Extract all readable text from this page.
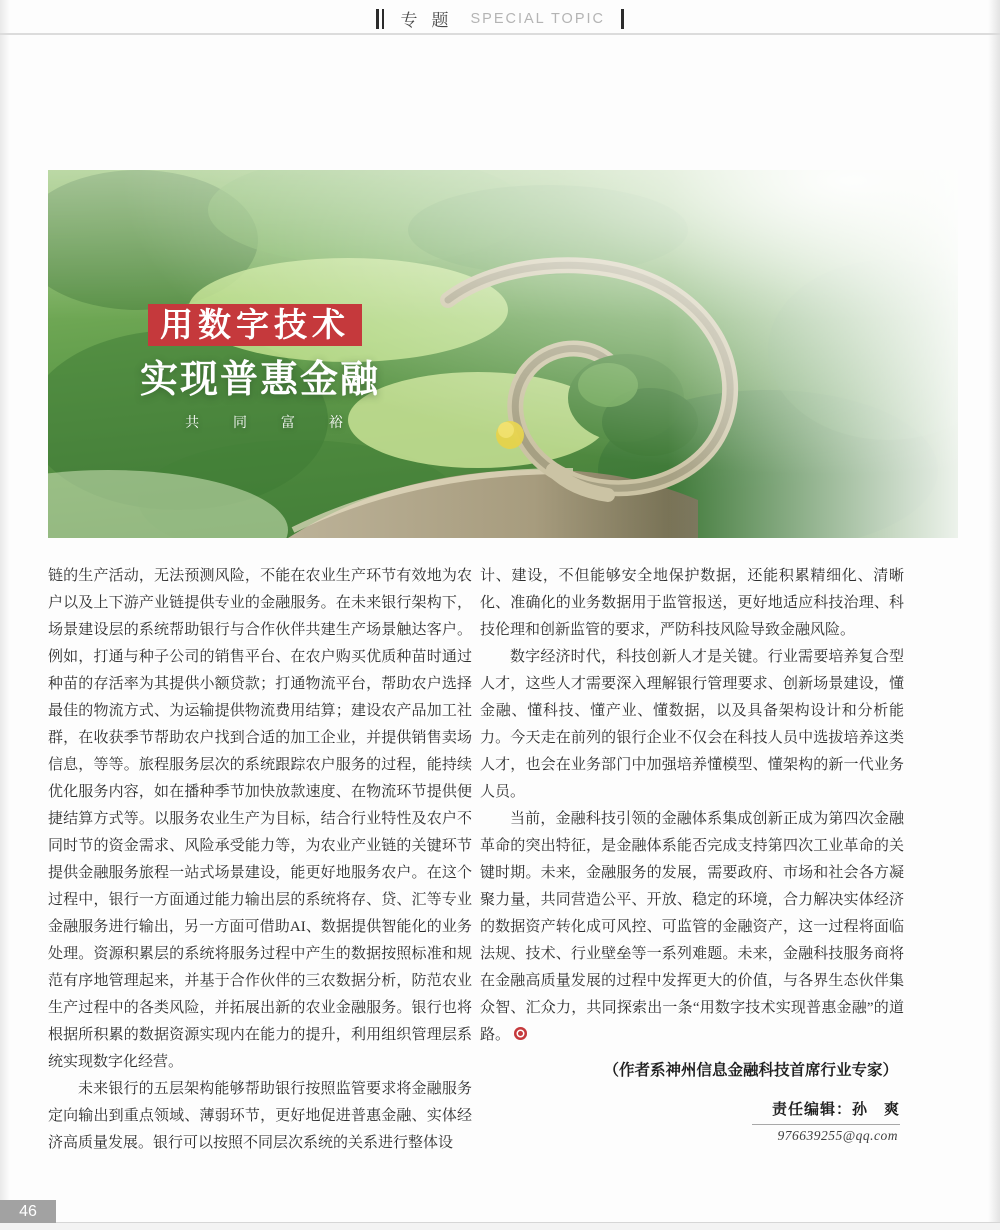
专题 SPECIAL TOPIC
用数字技术
实现普惠金融
共 同 富 裕

链的生产活动，无法预测风险，不能在农业生产环节有效地为农户以及上下游产业链提供专业的金融服务。在未来银行架构下，场景建设层的系统帮助银行与合作伙伴共建生产场景触达客户。例如，打通与种子公司的销售平台、在农户购买优质种苗时通过种苗的存活率为其提供小额贷款；打通物流平台，帮助农户选择最佳的物流方式、为运输提供物流费用结算；建设农产品加工社群，在收获季节帮助农户找到合适的加工企业，并提供销售卖场信息，等等。旅程服务层次的系统跟踪农户服务的过程，能持续优化服务内容，如在播种季节加快放款速度、在物流环节提供便捷结算方式等。以服务农业生产为目标，结合行业特性及农户不同时节的资金需求、风险承受能力等，为农业产业链的关键环节提供金融服务旅程一站式场景建设，能更好地服务农户。在这个过程中，银行一方面通过能力输出层的系统将存、贷、汇等专业金融服务进行输出，另一方面可借助AI、数据提供智能化的业务处理。资源积累层的系统将服务过程中产生的数据按照标准和规范有序地管理起来，并基于合作伙伴的三农数据分析，防范农业生产过程中的各类风险，并拓展出新的农业金融服务。银行也将根据所积累的数据资源实现内在能力的提升，利用组织管理层系统实现数字化经营。

未来银行的五层架构能够帮助银行按照监管要求将金融服务定向输出到重点领域、薄弱环节，更好地促进普惠金融、实体经济高质量发展。银行可以按照不同层次系统的关系进行整体设

计、建设，不但能够安全地保护数据，还能积累精细化、清晰化、准确化的业务数据用于监管报送，更好地适应科技治理、科技伦理和创新监管的要求，严防科技风险导致金融风险。

数字经济时代，科技创新人才是关键。行业需要培养复合型人才，这些人才需要深入理解银行管理要求、创新场景建设，懂金融、懂科技、懂产业、懂数据，以及具备架构设计和分析能力。今天走在前列的银行企业不仅会在科技人员中选拔培养这类人才，也会在业务部门中加强培养懂模型、懂架构的新一代业务人员。

当前，金融科技引领的金融体系集成创新正成为第四次金融革命的突出特征，是金融体系能否完成支持第四次工业革命的关键时期。未来，金融服务的发展，需要政府、市场和社会各方凝聚力量，共同营造公平、开放、稳定的环境，合力解决实体经济的数据资产转化成可风控、可监管的金融资产，这一过程将面临法规、技术、行业壁垒等一系列难题。未来，金融科技服务商将在金融高质量发展的过程中发挥更大的价值，与各界生态伙伴集众智、汇众力，共同探索出一条“用数字技术实现普惠金融”的道路。

（作者系神州信息金融科技首席行业专家）
责任编辑：孙　爽
976639255@qq.com
46
